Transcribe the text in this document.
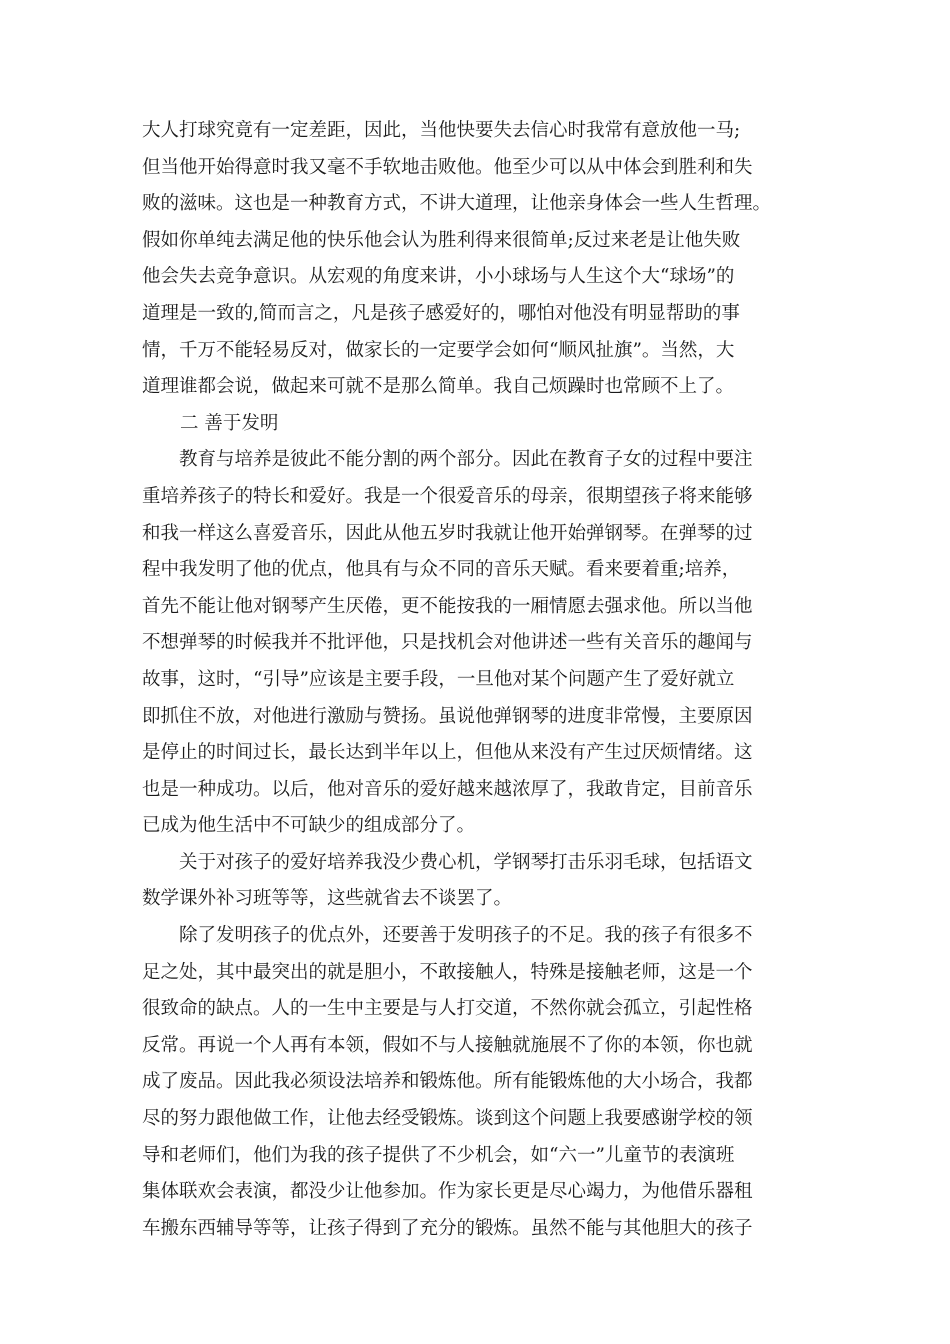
大人打球究竟有一定差距，因此，当他快要失去信心时我常有意放他一马;
但当他开始得意时我又毫不手软地击败他。他至少可以从中体会到胜利和失
败的滋味。这也是一种教育方式，不讲大道理，让他亲身体会一些人生哲理。
假如你单纯去满足他的快乐他会认为胜利得来很简单;反过来老是让他失败
他会失去竞争意识。从宏观的角度来讲，小小球场与人生这个大“球场”的
道理是一致的,简而言之，凡是孩子感爱好的，哪怕对他没有明显帮助的事
情，千万不能轻易反对，做家长的一定要学会如何“顺风扯旗”。当然，大
道理谁都会说，做起来可就不是那么简单。我自己烦躁时也常顾不上了。
二 善于发明
　　教育与培养是彼此不能分割的两个部分。因此在教育子女的过程中要注
重培养孩子的特长和爱好。我是一个很爱音乐的母亲，很期望孩子将来能够
和我一样这么喜爱音乐，因此从他五岁时我就让他开始弹钢琴。在弹琴的过
程中我发明了他的优点，他具有与众不同的音乐天赋。看来要着重;培养，
首先不能让他对钢琴产生厌倦，更不能按我的一厢情愿去强求他。所以当他
不想弹琴的时候我并不批评他，只是找机会对他讲述一些有关音乐的趣闻与
故事，这时，“引导”应该是主要手段，一旦他对某个问题产生了爱好就立
即抓住不放，对他进行激励与赞扬。虽说他弹钢琴的进度非常慢，主要原因
是停止的时间过长，最长达到半年以上，但他从来没有产生过厌烦情绪。这
也是一种成功。以后，他对音乐的爱好越来越浓厚了，我敢肯定，目前音乐
已成为他生活中不可缺少的组成部分了。
　　关于对孩子的爱好培养我没少费心机，学钢琴打击乐羽毛球，包括语文
数学课外补习班等等，这些就省去不谈罢了。
　　除了发明孩子的优点外，还要善于发明孩子的不足。我的孩子有很多不
足之处，其中最突出的就是胆小，不敢接触人，特殊是接触老师，这是一个
很致命的缺点。人的一生中主要是与人打交道，不然你就会孤立，引起性格
反常。再说一个人再有本领，假如不与人接触就施展不了你的本领，你也就
成了废品。因此我必须设法培养和锻炼他。所有能锻炼他的大小场合，我都
尽的努力跟他做工作，让他去经受锻炼。谈到这个问题上我要感谢学校的领
导和老师们，他们为我的孩子提供了不少机会，如“六一”儿童节的表演班
集体联欢会表演，都没少让他参加。作为家长更是尽心竭力，为他借乐器租
车搬东西辅导等等，让孩子得到了充分的锻炼。虽然不能与其他胆大的孩子
